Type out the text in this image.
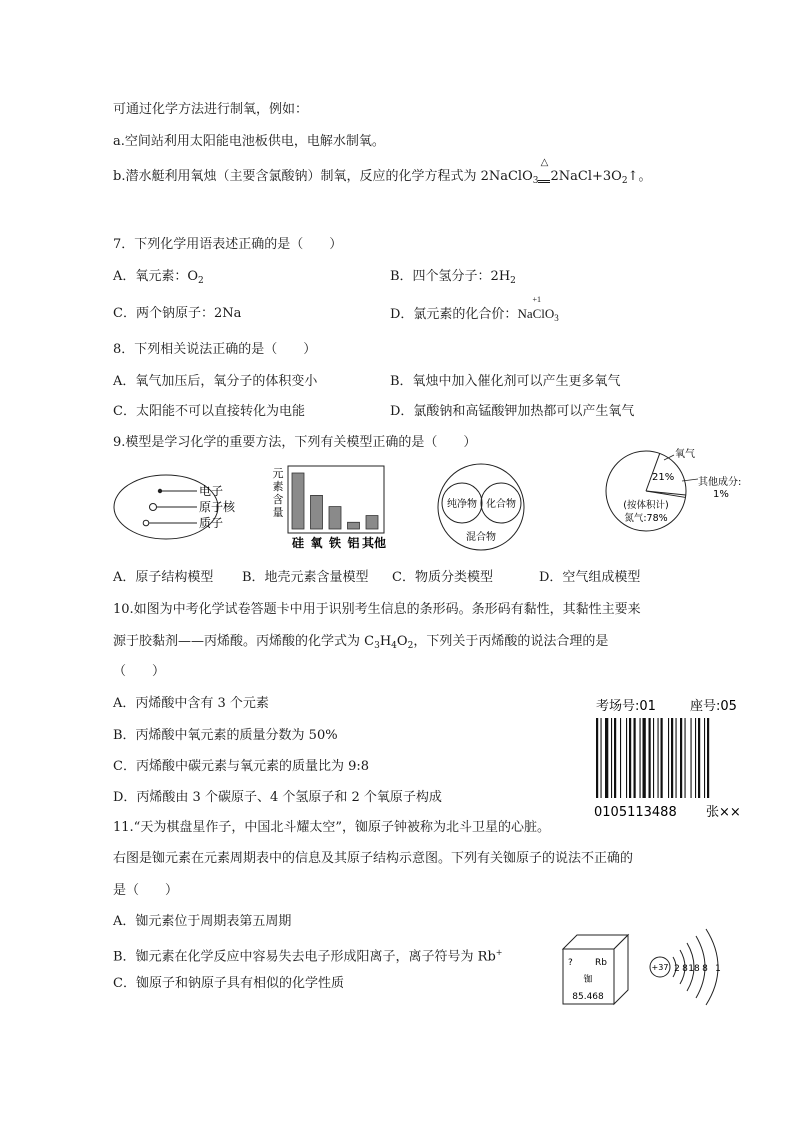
可通过化学方法进行制氧，例如：
a.空间站利用太阳能电池板供电，电解水制氧。
b.潜水艇利用氧烛（主要含氯酸钠）制氧，反应的化学方程式为 2NaClO$_3$
△
$2NaCl+3O_2↑$。
7．下列化学用语表述正确的是（　　）
A．氧元素：$O_2$	B．四个氢分子：$2H_2$
C．两个钠原子：2Na	D．氯元素的化合价：NaClO$_3$
+1
8．下列相关说法正确的是（　　）
A．氧气加压后，氧分子的体积变小	B．氧烛中加入催化剂可以产生更多氧气
C．太阳能不可以直接转化为电能	D．氯酸钠和高锰酸钾加热都可以产生氧气
9.模型是学习化学的重要方法，下列有关模型正确的是（　　）
电子
原子核
质子
元
素
含
量
硅 氧 铁 铝 其他
纯净物 化合物
混合物
氧气
21% 其他成分:
1%
(按体积计)
氮气:78%
A．原子结构模型 B．地壳元素含量模型 C．物质分类模型	D．空气组成模型
10.如图为中考化学试卷答题卡中用于识别考生信息的条形码。条形码有黏性，其黏性主要来
源于胶黏剂——丙烯酸。丙烯酸的化学式为 $C_3H_4O_2$，下列关于丙烯酸的说法合理的是
（　　）
A．丙烯酸中含有 3 个元素
B．丙烯酸中氧元素的质量分数为 50%
C．丙烯酸中碳元素与氧元素的质量比为 9:8
D．丙烯酸由 3 个碳原子、4 个氢原子和 2 个氧原子构成
考场号:01	座号:05
0105113488 张××
11.“天为棋盘星作子，中国北斗耀太空”，铷原子钟被称为北斗卫星的心脏。
右图是铷元素在元素周期表中的信息及其原子结构示意图。下列有关铷原子的说法不正确的
是（　　）
A．铷元素位于周期表第五周期
B．铷元素在化学反应中容易失去电子形成阳离子，离子符号为 Rb+
C．铷原子和钠原子具有相似的化学性质
? Rb
铷
85.468
+37 2 8 18 8 1
